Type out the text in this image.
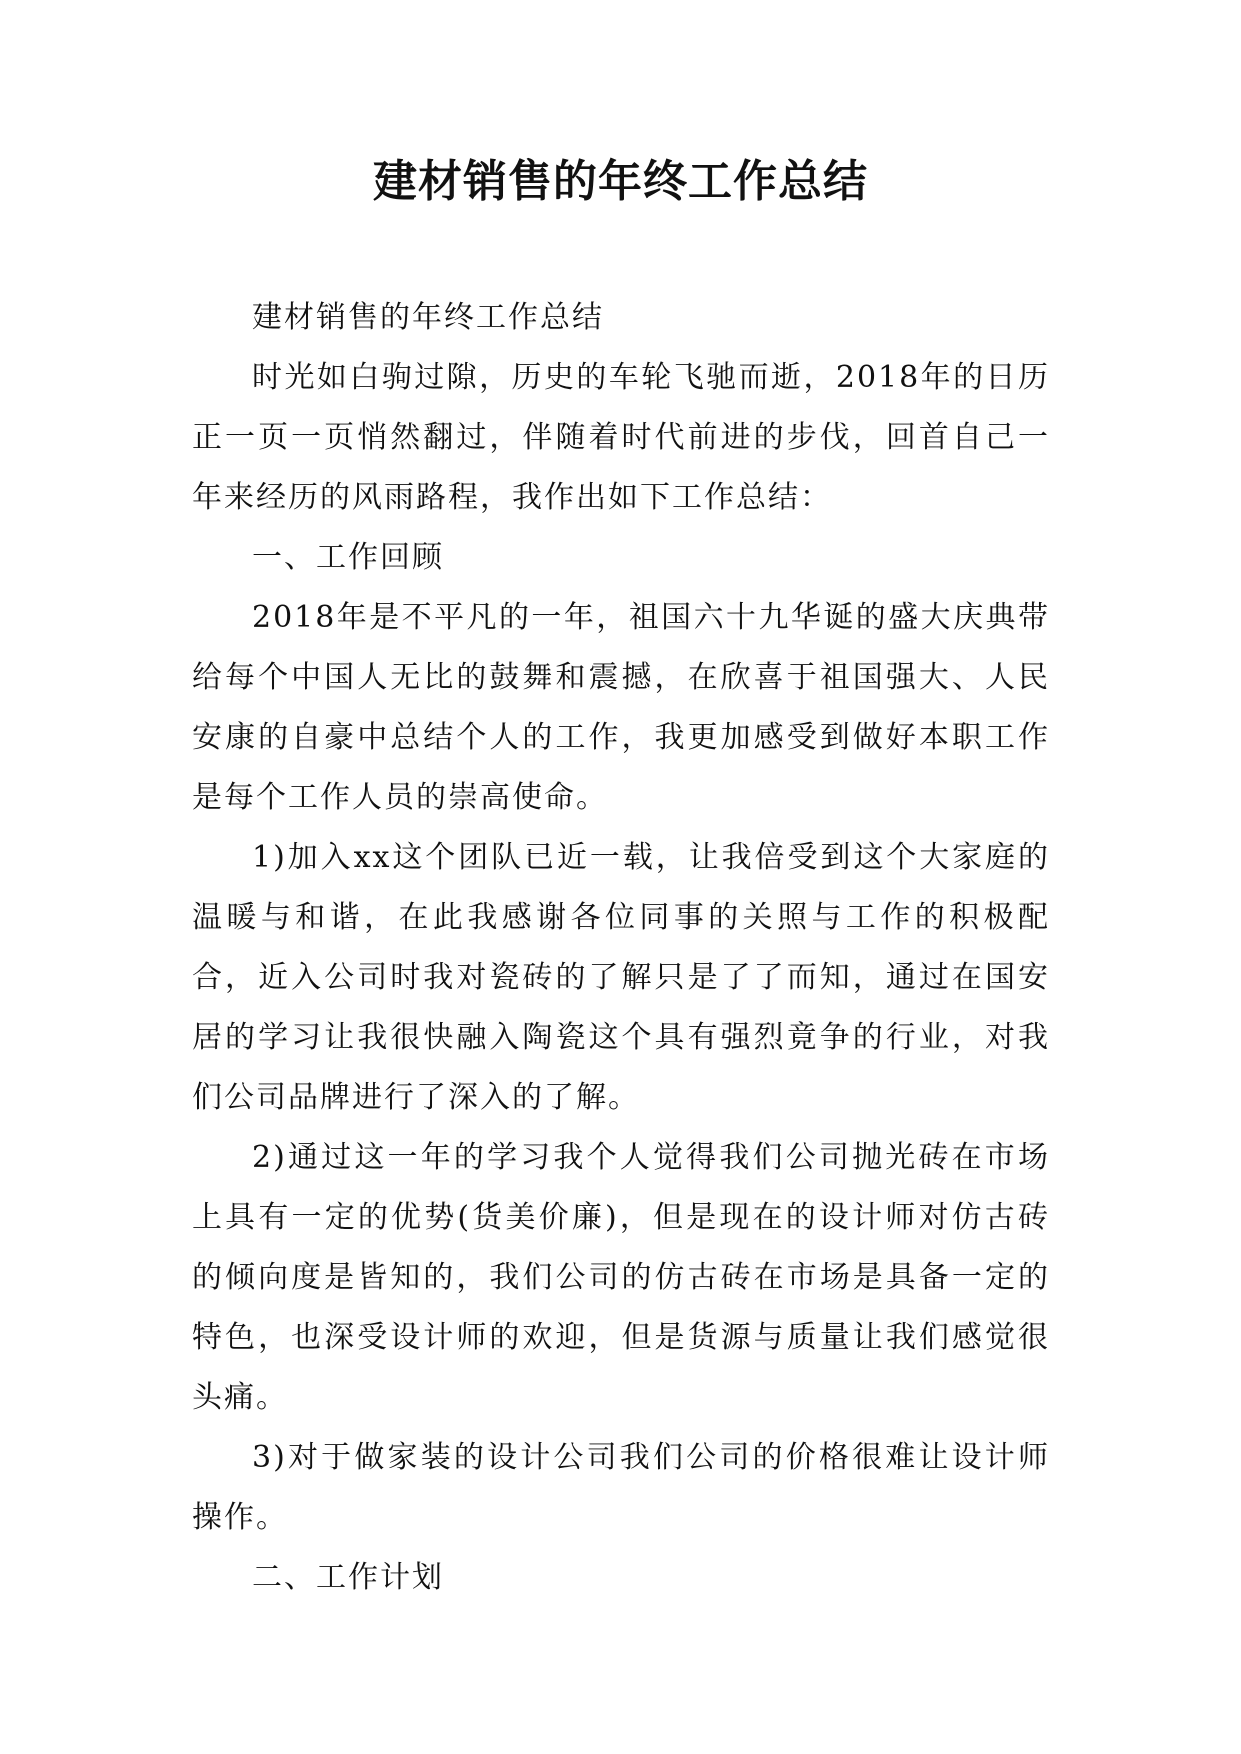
建材销售的年终工作总结

建材销售的年终工作总结

时光如白驹过隙，历史的车轮飞驰而逝，2018年的日历正一页一页悄然翻过，伴随着时代前进的步伐，回首自己一年来经历的风雨路程，我作出如下工作总结：

一、工作回顾

2018年是不平凡的一年，祖国六十九华诞的盛大庆典带给每个中国人无比的鼓舞和震撼，在欣喜于祖国强大、人民安康的自豪中总结个人的工作，我更加感受到做好本职工作是每个工作人员的崇高使命。

1)加入xx这个团队已近一载，让我倍受到这个大家庭的温暖与和谐，在此我感谢各位同事的关照与工作的积极配合，近入公司时我对瓷砖的了解只是了了而知，通过在国安居的学习让我很快融入陶瓷这个具有强烈竟争的行业，对我们公司品牌进行了深入的了解。

2)通过这一年的学习我个人觉得我们公司抛光砖在市场上具有一定的优势(货美价廉)，但是现在的设计师对仿古砖的倾向度是皆知的，我们公司的仿古砖在市场是具备一定的特色，也深受设计师的欢迎，但是货源与质量让我们感觉很头痛。

3)对于做家装的设计公司我们公司的价格很难让设计师操作。

二、工作计划
